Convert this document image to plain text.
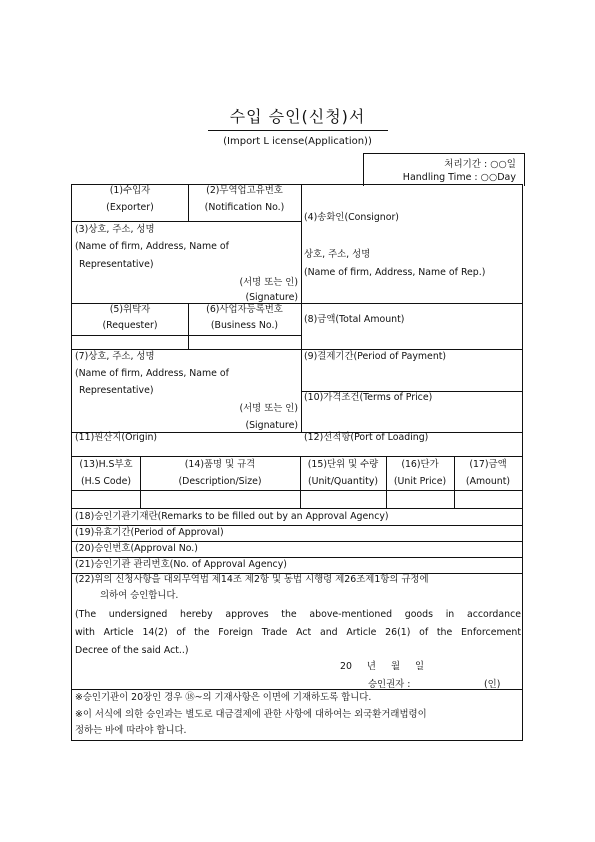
수입 승인(신청)서
(Import L icense(Application))
처리기간 : ○○일
Handling Time : ○○Day
(1)수입자
(Exporter)
(2)무역업고유번호
(Notification No.)
(4)송화인(Consignor)
(3)상호, 주소, 성명
(Name of firm, Address, Name of
Representative)
(서명 또는 인)
(Signature)
상호, 주소, 성명
(Name of firm, Address, Name of Rep.)
(5)위탁자
(Requester)
(6)사업자등록번호
(Business No.)
(8)금액(Total Amount)
(7)상호, 주소, 성명
(Name of firm, Address, Name of
Representative)
(서명 또는 인)
(Signature)
(9)결제기간(Period of Payment)
(10)가격조건(Terms of Price)
(11)원산지(Origin)	(12)선적항(Port of Loading)
(13)H.S부호
(H.S Code)
(14)품명 및 규격
(Description/Size)
(15)단위 및 수량
(Unit/Quantity)
(16)단가
(Unit Price)
(17)금액
(Amount)
(18)승인기관기재란(Remarks to be filled out by an Approval Agency)
(19)유효기간(Period of Approval)
(20)승인번호(Approval No.)
(21)승인기관 관리번호(No. of Approval Agency)
(22)위의 신청사항을 대외무역법 제14조 제2항 및 동법 시행령 제26조제1항의 규정에
의하여 승인합니다.
(The undersigned hereby approves the above-mentioned goods in accordance
with Article 14(2) of the Foreign Trade Act and Article 26(1) of the Enforcement
Decree of the said Act..)
20 년 월 일
승인권자 :	(인)
※승인기관이 20장인 경우 ⑱~의 기재사항은 이면에 기재하도록 합니다.
※이 서식에 의한 승인과는 별도로 대금결제에 관한 사항에 대하여는 외국환거래법령이
정하는 바에 따라야 합니다.
